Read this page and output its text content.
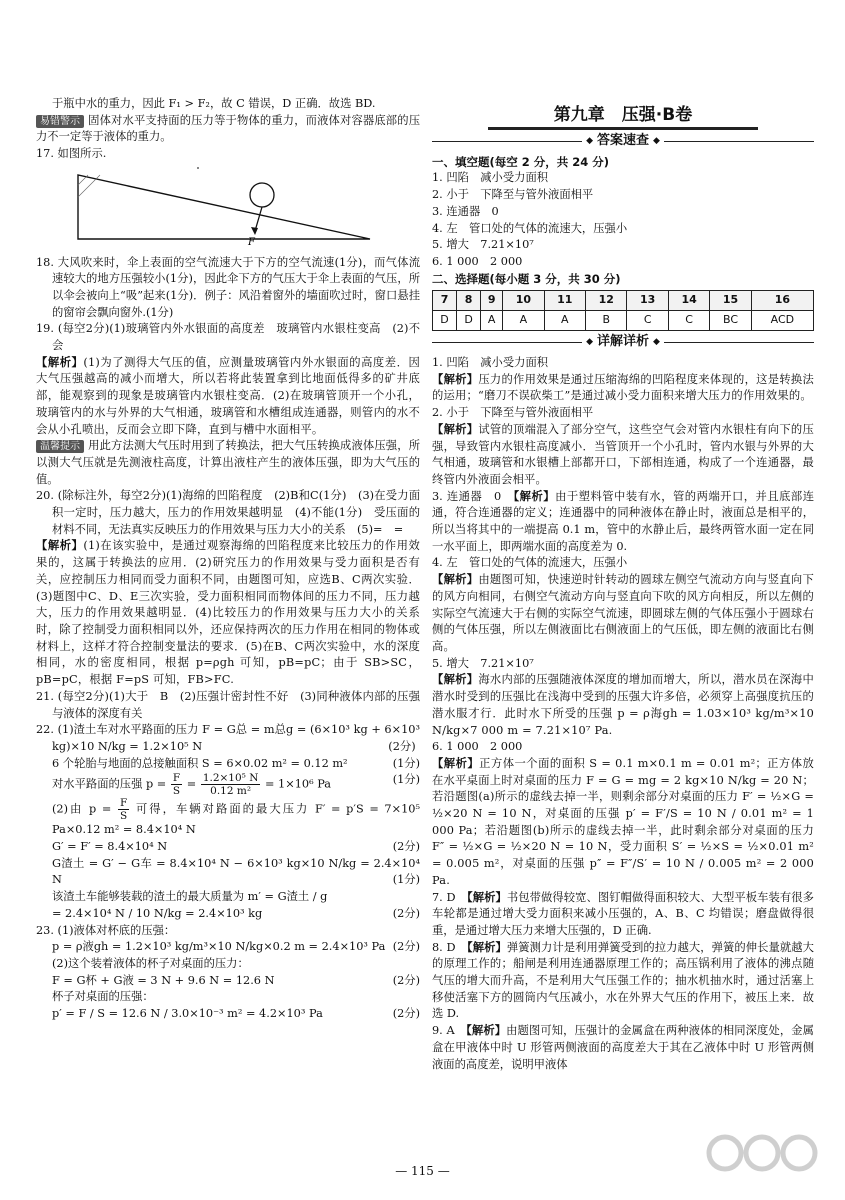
于瓶中水的重力，因此 F₁ > F₂，故 C 错误，D 正确．故选 BD.

易错警示 固体对水平支持面的压力等于物体的重力，而液体对容器底部的压力不一定等于液体的重力。

17. 如图所示.

F

18. 大风吹来时，伞上表面的空气流速大于下方的空气流速(1分)，而气体流速较大的地方压强较小(1分)，因此伞下方的气压大于伞上表面的气压，所以伞会被向上“吸”起来(1分)．例子：风沿着窗外的墙面吹过时，窗口悬挂的窗帘会飘向窗外.(1分)

19. (每空2分)(1)玻璃管内外水银面的高度差　玻璃管内水银柱变高　(2)不会

【解析】(1)为了测得大气压的值，应测量玻璃管内外水银面的高度差．因大气压强越高的减小而增大，所以若将此装置拿到比地面低得多的矿井底部，能观察到的现象是玻璃管内水银柱变高．(2)在玻璃管顶开一个小孔，玻璃管内的水与外界的大气相通，玻璃管和水槽组成连通器，则管内的水不会从小孔喷出，反而会立即下降，直到与槽中水面相平。

温馨提示 用此方法测大气压时用到了转换法，把大气压转换成液体压强，所以测大气压就是先测液柱高度，计算出液柱产生的液体压强，即为大气压的值。

20. (除标注外，每空2分)(1)海绵的凹陷程度　(2)B和C(1分)　(3)在受力面积一定时，压力越大，压力的作用效果越明显　(4)不能(1分)　受压面的材料不同，无法真实反映压力的作用效果与压力大小的关系　(5)=　=

【解析】(1)在该实验中，是通过观察海绵的凹陷程度来比较压力的作用效果的，这属于转换法的应用．(2)研究压力的作用效果与受力面积是否有关，应控制压力相同而受力面积不同，由题图可知，应选B、C两次实验．(3)题图中C、D、E三次实验，受力面积相同而物体间的压力不同，压力越大，压力的作用效果越明显．(4)比较压力的作用效果与压力大小的关系时，除了控制受力面积相同以外，还应保持两次的压力作用在相同的物体或材料上，这样才符合控制变量法的要求．(5)在B、C两次实验中，水的深度相同，水的密度相同，根据 p=ρgh 可知，pB=pC；由于 SB>SC，pB=pC，根据 F=pS 可知，FB>FC.

21. (每空2分)(1)大于　B　(2)压强计密封性不好　(3)同种液体内部的压强与液体的深度有关

22. (1)渣土车对水平路面的压力 F = G总 = m总g = (6×10³ kg + 6×10³ kg)×10 N/kg = 1.2×10⁵ N	(2分)

6 个轮胎与地面的总接触面积 S = 6×0.02 m² = 0.12 m²	(1分)

对水平路面的压强 $p = \frac{F}{S} = \frac{\text{1.2×10⁵ N}}{\text{0.12 m²}} = 1\times 10^6$ Pa	(1分)

(2)由 $p = \frac{F}{S}$ 可得，车辆对路面的最大压力 F′ = p′S = 7×10⁵ Pa×0.12 m² = 8.4×10⁴ N

G′ = F′ = 8.4×10⁴ N	(2分)

G渣土 = G′ − G车 = 8.4×10⁴ N − 6×10³ kg×10 N/kg = 2.4×10⁴ N	(1分)

该渣土车能够装载的渣土的最大质量为 m′ = G渣土 / g

= 2.4×10⁴ N / 10 N/kg = 2.4×10³ kg	(2分)

23. (1)液体对杯底的压强：

p = ρ液gh = 1.2×10³ kg/m³×10 N/kg×0.2 m = 2.4×10³ Pa (2分)

(2)这个装着液体的杯子对桌面的压力：

F = G杯 + G液 = 3 N + 9.6 N = 12.6 N	(2分)

杯子对桌面的压强：

p′ = F / S = 12.6 N / 3.0×10⁻³ m² = 4.2×10³ Pa	(2分)

第九章　压强·B卷
◆ 答案速查 ◆

一、填空题(每空 2 分，共 24 分)

1. 凹陷　减小受力面积

2. 小于　下降至与管外液面相平

3. 连通器　0

4. 左　管口处的气体的流速大，压强小

5. 增大　7.21×10⁷

6. 1 000　2 000

二、选择题(每小题 3 分，共 30 分)

7	8	9	10	11	12	13	14	15	16
D	D	A	A	A	B	C	C	BC	ACD
◆ 详解详析 ◆

1. 凹陷　减小受力面积

【解析】压力的作用效果是通过压缩海绵的凹陷程度来体现的，这是转换法的运用；“磨刀不误砍柴工”是通过减小受力面积来增大压力的作用效果的。

2. 小于　下降至与管外液面相平

【解析】试管的顶端混入了部分空气，这些空气会对管内水银柱有向下的压强，导致管内水银柱高度减小．当管顶开一个小孔时，管内水银与外界的大气相通，玻璃管和水银槽上部都开口，下部相连通，构成了一个连通器，最终管内外液面会相平。

3. 连通器　0　 【解析】由于塑料管中装有水，管的两端开口，并且底部连通，符合连通器的定义；连通器中的同种液体在静止时，液面总是相平的，所以当将其中的一端提高 0.1 m，管中的水静止后，最终两管水面一定在同一水平面上，即两端水面的高度差为 0.

4. 左　管口处的气体的流速大，压强小

【解析】由题图可知，快速逆时针转动的圆球左侧空气流动方向与竖直向下的风方向相同，右侧空气流动方向与竖直向下吹的风方向相反，所以左侧的实际空气流速大于右侧的实际空气流速，即圆球左侧的气体压强小于圆球右侧的气体压强，所以左侧液面比右侧液面上的气压低，即左侧的液面比右侧高。

5. 增大　7.21×10⁷

【解析】海水内部的压强随液体深度的增加而增大，所以，潜水员在深海中潜水时受到的压强比在浅海中受到的压强大许多倍，必须穿上高强度抗压的潜水服才行．此时水下所受的压强 p = ρ海gh = 1.03×10³ kg/m³×10 N/kg×7 000 m = 7.21×10⁷ Pa.

6. 1 000　2 000

【解析】正方体一个面的面积 S = 0.1 m×0.1 m = 0.01 m²；正方体放在水平桌面上时对桌面的压力 F = G = mg = 2 kg×10 N/kg = 20 N；若沿题图(a)所示的虚线去掉一半，则剩余部分对桌面的压力 F′ = ½×G = ½×20 N = 10 N，对桌面的压强 p′ = F′/S = 10 N / 0.01 m² = 1 000 Pa；若沿题图(b)所示的虚线去掉一半，此时剩余部分对桌面的压力 F″ = ½×G = ½×20 N = 10 N，受力面积 S′ = ½×S = ½×0.01 m² = 0.005 m²，对桌面的压强 p″ = F″/S′ = 10 N / 0.005 m² = 2 000 Pa.

7. D　 【解析】书包带做得较宽、图钉帽做得面积较大、大型平板车装有很多车轮都是通过增大受力面积来减小压强的，A、B、C 均错误；磨盘做得很重，是通过增大压力来增大压强的，D 正确.

8. D　 【解析】弹簧测力计是利用弹簧受到的拉力越大，弹簧的伸长量就越大的原理工作的；船闸是利用连通器原理工作的；高压锅利用了液体的沸点随气压的增大而升高，不是利用大气压强工作的；抽水机抽水时，通过活塞上移使活塞下方的圆筒内气压减小，水在外界大气压的作用下，被压上来．故选 D.

9. A　 【解析】由题图可知，压强计的金属盒在两种液体的相同深度处，金属盒在甲液体中时 U 形管两侧液面的高度差大于其在乙液体中时 U 形管两侧液面的高度差，说明甲液体

— 115 —
